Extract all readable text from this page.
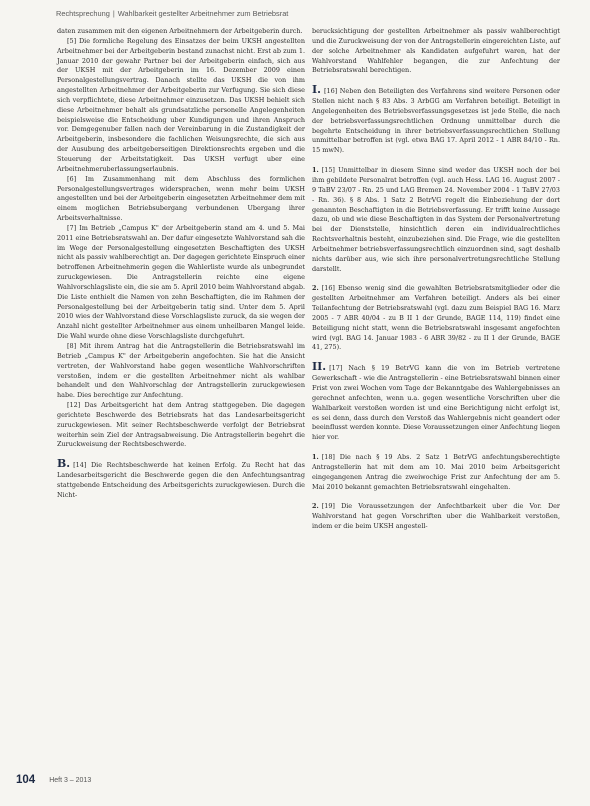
Rechtsprechung | Wahlbarkeit gestellter Arbeitnehmer zum Betriebsrat

daten zusammen mit den eigenen Arbeitnehmern der Arbeitgeberin durch.

[5] Die formliche Regelung des Einsatzes der beim UKSH angestellten Arbeitnehmer bei der Arbeitgeberin bestand zunachst nicht. Erst ab zum 1. Januar 2010 der gewahr Partner bei der Arbeitgeberin einfach, sich aus der UKSH mit der Arbeitgeberin im 16. Dezember 2009 einen Personalgestellungsvertrag. Danach stellte das UKSH die von ihm angestellten Arbeitnehmer der Arbeitgeberin zur Verfugung. Sie sich diese sich verpflichtete, diese Arbeitnehmer einzusetzen. Das UKSH behielt sich diese Arbeitnehmer behalt als grundsatzliche personelle Angelegenheiten beispielsweise die Entscheidung uber Kundigungen und ihren Anspruch vor. Demgegenuber fallen nach der Vereinbarung in die Zustandigkeit der Arbeitgeberin, insbesondere die fachlichen Weisungsrechte, die sich aus der Ausubung des arbeitgeberseitigen Direktionsrechts ergeben und die Steuerung der Arbeitstatigkeit. Das UKSH verfugt uber eine Arbeitnehmeruberlassungserlaubnis.

[6] Im Zusammenhang mit dem Abschluss des formlichen Personalgestellungsvertrages widersprachen, wenn mehr beim UKSH angestellten und bei der Arbeitgeberin eingesetzten Arbeitnehmer dem mit einem moglichen Betriebsubergang verbundenen Ubergang ihrer Arbeitsverhaltnisse.

[7] Im Betrieb „Campus K" der Arbeitgeberin stand am 4. und 5. Mai 2011 eine Betriebsratswahl an. Der dafur eingesetzte Wahlvorstand sah die im Wege der Personalgestellung eingesetzten Beschaftigten des UKSH nicht als passiv wahlberechtigt an. Der dagegen gerichtete Einspruch einer betroffenen Arbeitnehmerin gegen die Wahlerliste wurde als unbegrundet zuruckgewiesen. Die Antragstellerin reichte eine eigene Wahlvorschlagsliste ein, die sie am 5. April 2010 beim Wahlvorstand abgab. Die Liste enthielt die Namen von zehn Beschaftigten, die im Rahmen der Personalgestellung bei der Arbeitgeberin tatig sind. Unter dem 5. April 2010 wies der Wahlvorstand diese Vorschlagsliste zuruck, da sie wegen der Anzahl nicht gestellter Arbeitnehmer aus einem unheilbaren Mangel leide. Die Wahl wurde ohne diese Vorschlagsliste durchgefuhrt.

[8] Mit ihrem Antrag hat die Antragstellerin die Betriebsratswahl im Betrieb „Campus K" der Arbeitgeberin angefochten. Sie hat die Ansicht vertreten, der Wahlvorstand habe gegen wesentliche Wahlvorschriften verstoßen, indem er die gestellten Arbeitnehmer nicht als wahlbar behandelt und den Wahlvorschlag der Antragstellerin zuruckgewiesen habe. Dies berechtige zur Anfechtung.

[12] Das Arbeitsgericht hat dem Antrag stattgegeben. Die dagegen gerichtete Beschwerde des Betriebsrats hat das Landesarbeitsgericht zuruckgewiesen. Mit seiner Rechtsbeschwerde verfolgt der Betriebsrat weiterhin sein Ziel der Antragsabweisung. Die Antragstellerin begehrt die Zuruckweisung der Rechtsbeschwerde.

B. [14] Die Rechtsbeschwerde hat keinen Erfolg. Zu Recht hat das Landesarbeitsgericht die Beschwerde gegen die den Anfechtungsantrag stattgebende Entscheidung des Arbeitsgerichts zuruckgewiesen. Durch die Nicht-

berucksichtigung der gestellten Arbeitnehmer als passiv wahlberechtigt und die Zuruckweisung der von der Antragstellerin eingereichten Liste, auf der solche Arbeitnehmer als Kandidaten aufgefuhrt waren, hat der Wahlvorstand Wahlfehler begangen, die zur Anfechtung der Betriebsratswahl berechtigen.

I. [16] Neben den Beteiligten des Verfahrens sind weitere Personen oder Stellen nicht nach § 83 Abs. 3 ArbGG am Verfahren beteiligt. Beteiligt in Angelegenheiten des Betriebsverfassungsgesetzes ist jede Stelle, die nach der betriebsverfassungsrechtlichen Ordnung unmittelbar durch die begehrte Entscheidung in ihrer betriebsverfassungsrechtlichen Stellung unmittelbar betroffen ist (vgl. etwa BAG 17. April 2012 - 1 ABR 84/10 - Rn. 15 mwN).

1. [15] Unmittelbar in diesem Sinne sind weder das UKSH noch der bei ihm gebildete Personalrat betroffen (vgl. auch Hess. LAG 16. August 2007 - 9 TaBV 23/07 - Rn. 25 und LAG Bremen 24. November 2004 - 1 TaBV 27/03 - Rn. 36). § 8 Abs. 1 Satz 2 BetrVG regelt die Einbeziehung der dort genannten Beschaftigten in die Betriebsverfassung. Er trifft keine Aussage dazu, ob und wie diese Beschaftigten in das System der Personalvertretung bei der Dienststelle, hinsichtlich deren ein individualrechtliches Rechtsverhaltnis besteht, einzubeziehen sind. Die Frage, wie die gestellten Arbeitnehmer betriebsverfassungsrechtlich einzuordnen sind, sagt deshalb nichts darüber aus, wie sich ihre personalvertretungsrechtliche Stellung darstellt.

2. [16] Ebenso wenig sind die gewahlten Betriebsratsmitglieder oder die gestellten Arbeitnehmer am Verfahren beteiligt. Anders als bei einer Teilanfechtung der Betriebsratswahl (vgl. dazu zum Beispiel BAG 16. Marz 2005 - 7 ABR 40/04 - zu B II 1 der Grunde, BAGE 114, 119) findet eine Beteiligung nicht statt, wenn die Betriebsratswahl insgesamt angefochten wird (vgl. BAG 14. Januar 1983 - 6 ABR 39/82 - zu II 1 der Grunde, BAGE 41, 275).

II. [17] Nach § 19 BetrVG kann die von im Betrieb vertretene Gewerkschaft - wie die Antragstellerin - eine Betriebsratswahl binnen einer Frist von zwei Wochen vom Tage der Bekanntgabe des Wahlergebnisses an gerechnet anfechten, wenn u.a. gegen wesentliche Vorschriften uber die Wahlbarkeit verstoßen worden ist und eine Berichtigung nicht erfolgt ist, es sei denn, dass durch den Verstoß das Wahlergebnis nicht geandert oder beeinflusst werden konnte. Diese Voraussetzungen einer Anfechtung liegen hier vor.

1. [18] Die nach § 19 Abs. 2 Satz 1 BetrVG anfechtungsberechtigte Antragstellerin hat mit dem am 10. Mai 2010 beim Arbeitsgericht eingegangenen Antrag die zweiwochige Frist zur Anfechtung der am 5. Mai 2010 bekannt gemachten Betriebsratswahl eingehalten.

2. [19] Die Voraussetzungen der Anfechtbarkeit uber die Vor. Der Wahlvorstand hat gegen Vorschriften uber die Wahlbarkeit verstoßen, indem er die beim UKSH angestell-

104 Heft 3 – 2013
